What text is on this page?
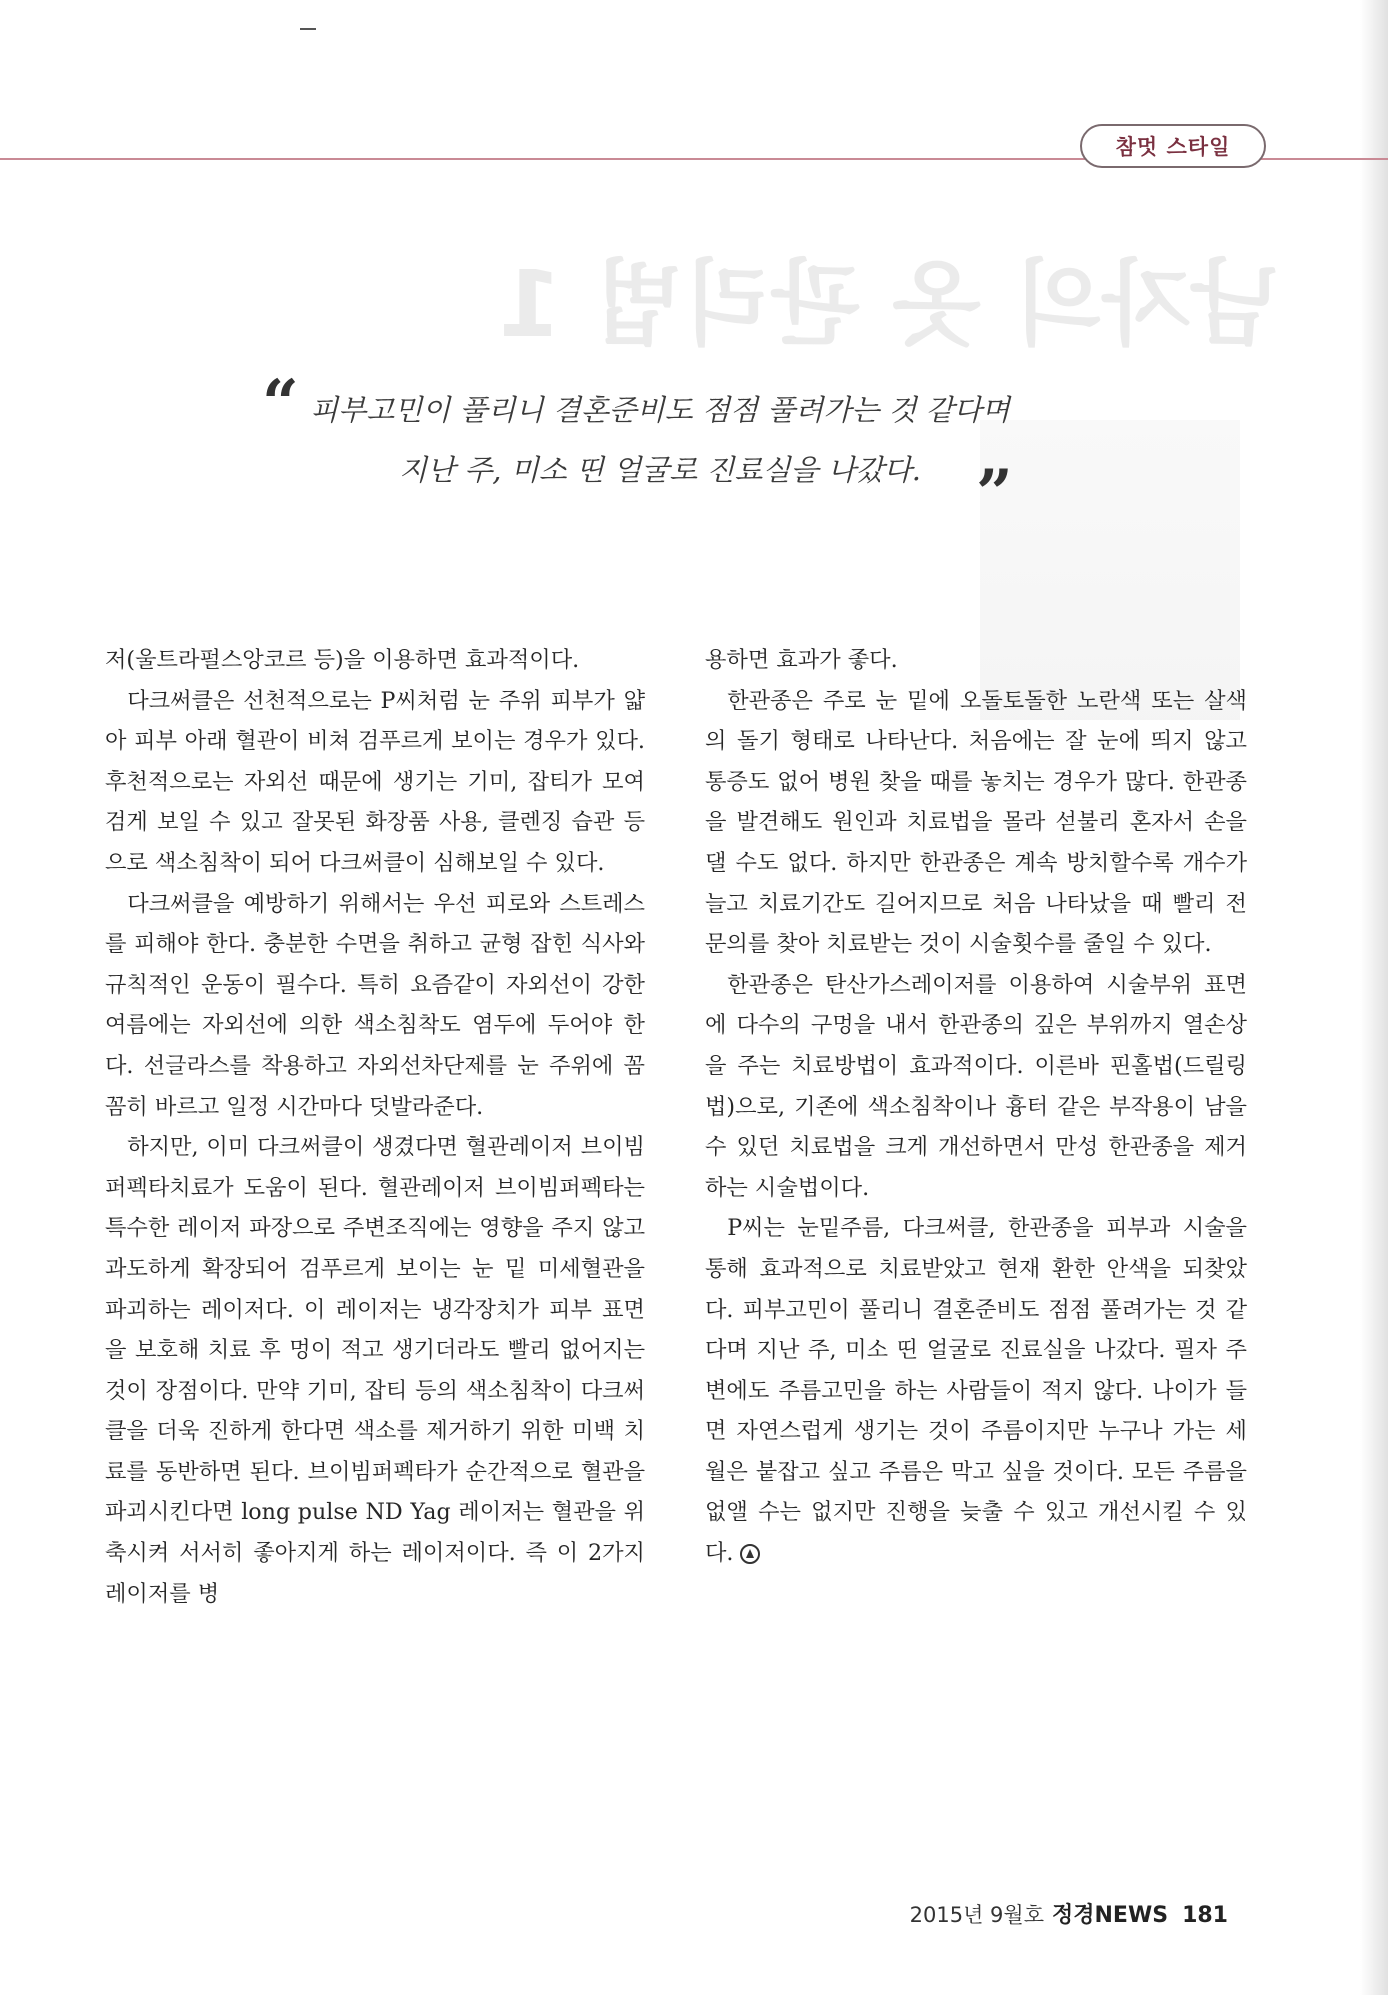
참멋 스타일
남자의 옷 관리법 1
“ 피부고민이 풀리니 결혼준비도 점점 풀려가는 것 같다며
지난 주, 미소 띤 얼굴로 진료실을 나갔다. ”

저(울트라펄스앙코르 등)을 이용하면 효과적이다.

다크써클은 선천적으로는 P씨처럼 눈 주위 피부가 얇아 피부 아래 혈관이 비쳐 검푸르게 보이는 경우가 있다. 후천적으로는 자외선 때문에 생기는 기미, 잡티가 모여 검게 보일 수 있고 잘못된 화장품 사용, 클렌징 습관 등으로 색소침착이 되어 다크써클이 심해보일 수 있다.

다크써클을 예방하기 위해서는 우선 피로와 스트레스를 피해야 한다. 충분한 수면을 취하고 균형 잡힌 식사와 규칙적인 운동이 필수다. 특히 요즘같이 자외선이 강한 여름에는 자외선에 의한 색소침착도 염두에 두어야 한다. 선글라스를 착용하고 자외선차단제를 눈 주위에 꼼꼼히 바르고 일정 시간마다 덧발라준다.

하지만, 이미 다크써클이 생겼다면 혈관레이저 브이빔퍼펙타치료가 도움이 된다. 혈관레이저 브이빔퍼펙타는 특수한 레이저 파장으로 주변조직에는 영향을 주지 않고 과도하게 확장되어 검푸르게 보이는 눈 밑 미세혈관을 파괴하는 레이저다. 이 레이저는 냉각장치가 피부 표면을 보호해 치료 후 멍이 적고 생기더라도 빨리 없어지는 것이 장점이다. 만약 기미, 잡티 등의 색소침착이 다크써클을 더욱 진하게 한다면 색소를 제거하기 위한 미백 치료를 동반하면 된다. 브이빔퍼펙타가 순간적으로 혈관을 파괴시킨다면 long pulse ND Yag 레이저는 혈관을 위축시켜 서서히 좋아지게 하는 레이저이다. 즉 이 2가지 레이저를 병

용하면 효과가 좋다.

한관종은 주로 눈 밑에 오돌토돌한 노란색 또는 살색의 돌기 형태로 나타난다. 처음에는 잘 눈에 띄지 않고 통증도 없어 병원 찾을 때를 놓치는 경우가 많다. 한관종을 발견해도 원인과 치료법을 몰라 섣불리 혼자서 손을 댈 수도 없다. 하지만 한관종은 계속 방치할수록 개수가 늘고 치료기간도 길어지므로 처음 나타났을 때 빨리 전문의를 찾아 치료받는 것이 시술횟수를 줄일 수 있다.

한관종은 탄산가스레이저를 이용하여 시술부위 표면에 다수의 구멍을 내서 한관종의 깊은 부위까지 열손상을 주는 치료방법이 효과적이다. 이른바 핀홀법(드릴링법)으로, 기존에 색소침착이나 흉터 같은 부작용이 남을 수 있던 치료법을 크게 개선하면서 만성 한관종을 제거하는 시술법이다.

P씨는 눈밑주름, 다크써클, 한관종을 피부과 시술을 통해 효과적으로 치료받았고 현재 환한 안색을 되찾았다. 피부고민이 풀리니 결혼준비도 점점 풀려가는 것 같다며 지난 주, 미소 띤 얼굴로 진료실을 나갔다. 필자 주변에도 주름고민을 하는 사람들이 적지 않다. 나이가 들면 자연스럽게 생기는 것이 주름이지만 누구나 가는 세월은 붙잡고 싶고 주름은 막고 싶을 것이다. 모든 주름을 없앨 수는 없지만 진행을 늦출 수 있고 개선시킬 수 있다.

2015년 9월호 정경NEWS 181
